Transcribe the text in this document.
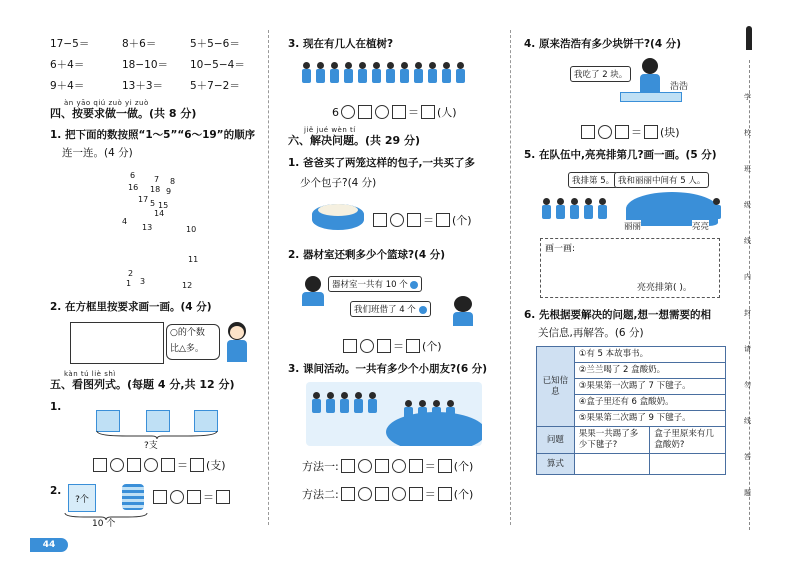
17−5＝	8＋6＝	5＋5−6＝
6＋4＝	18−10＝ 10−5−4＝
9＋4＝	13＋3＝	5＋7−2＝
àn yāo qiú zuò yi zuò
四、按要求做一做。(共 8 分)
1. 把下面的数按照“1～5”“6～19”的顺序
连一连。(4 分)
6 7 8
18 9
16
17
15
5
14
4
13	10
11
2
3
1	12
2. 在方框里按要求画一画。(4 分)
○的个数
比△多。
kàn tú liè shì
五、看图列式。(每题 4 分,共 12 分)
1.
?支
＝ (支)
2.
?个	＝
10 个
44
3. 现在有几人在植树?
6	＝ (人)
jiě jué wèn tí
六、解决问题。(共 29 分)
1. 爸爸买了两笼这样的包子,一共买了多
少个包子?(4 分)
＝ (个)
2. 器材室还剩多少个篮球?(4 分)
器材室一共有 10 个
我们班借了 4 个
＝ (个)
3. 课间活动。一共有多少个小朋友?(6 分)
方法一:	＝ (个)
方法二:	＝ (个)
4. 原来浩浩有多少块饼干?(4 分)
我吃了 2 块。
浩浩
＝ (块)
5. 在队伍中,亮亮排第几?画一画。(5 分)
我排第 5。 我和丽丽中间有 5 人。
丽丽	亮亮
画一画:
亮亮排第( )。
6. 先根据要解决的问题,想一想需要的相
关信息,再解答。(6 分)
已知信息	①有 5 本故事书。	
	②兰兰喝了 2 盒酸奶。	
	③果果第一次踢了 7 下毽子。	
	④盒子里还有 6 盒酸奶。	
	⑤果果第二次踢了 9 下毽子。	
问题	果果一共踢了多少下毽子?	盒子里原来有几盒酸奶?
算式		
学
校
班
级
线
内
封
请
勿
线
答
题
